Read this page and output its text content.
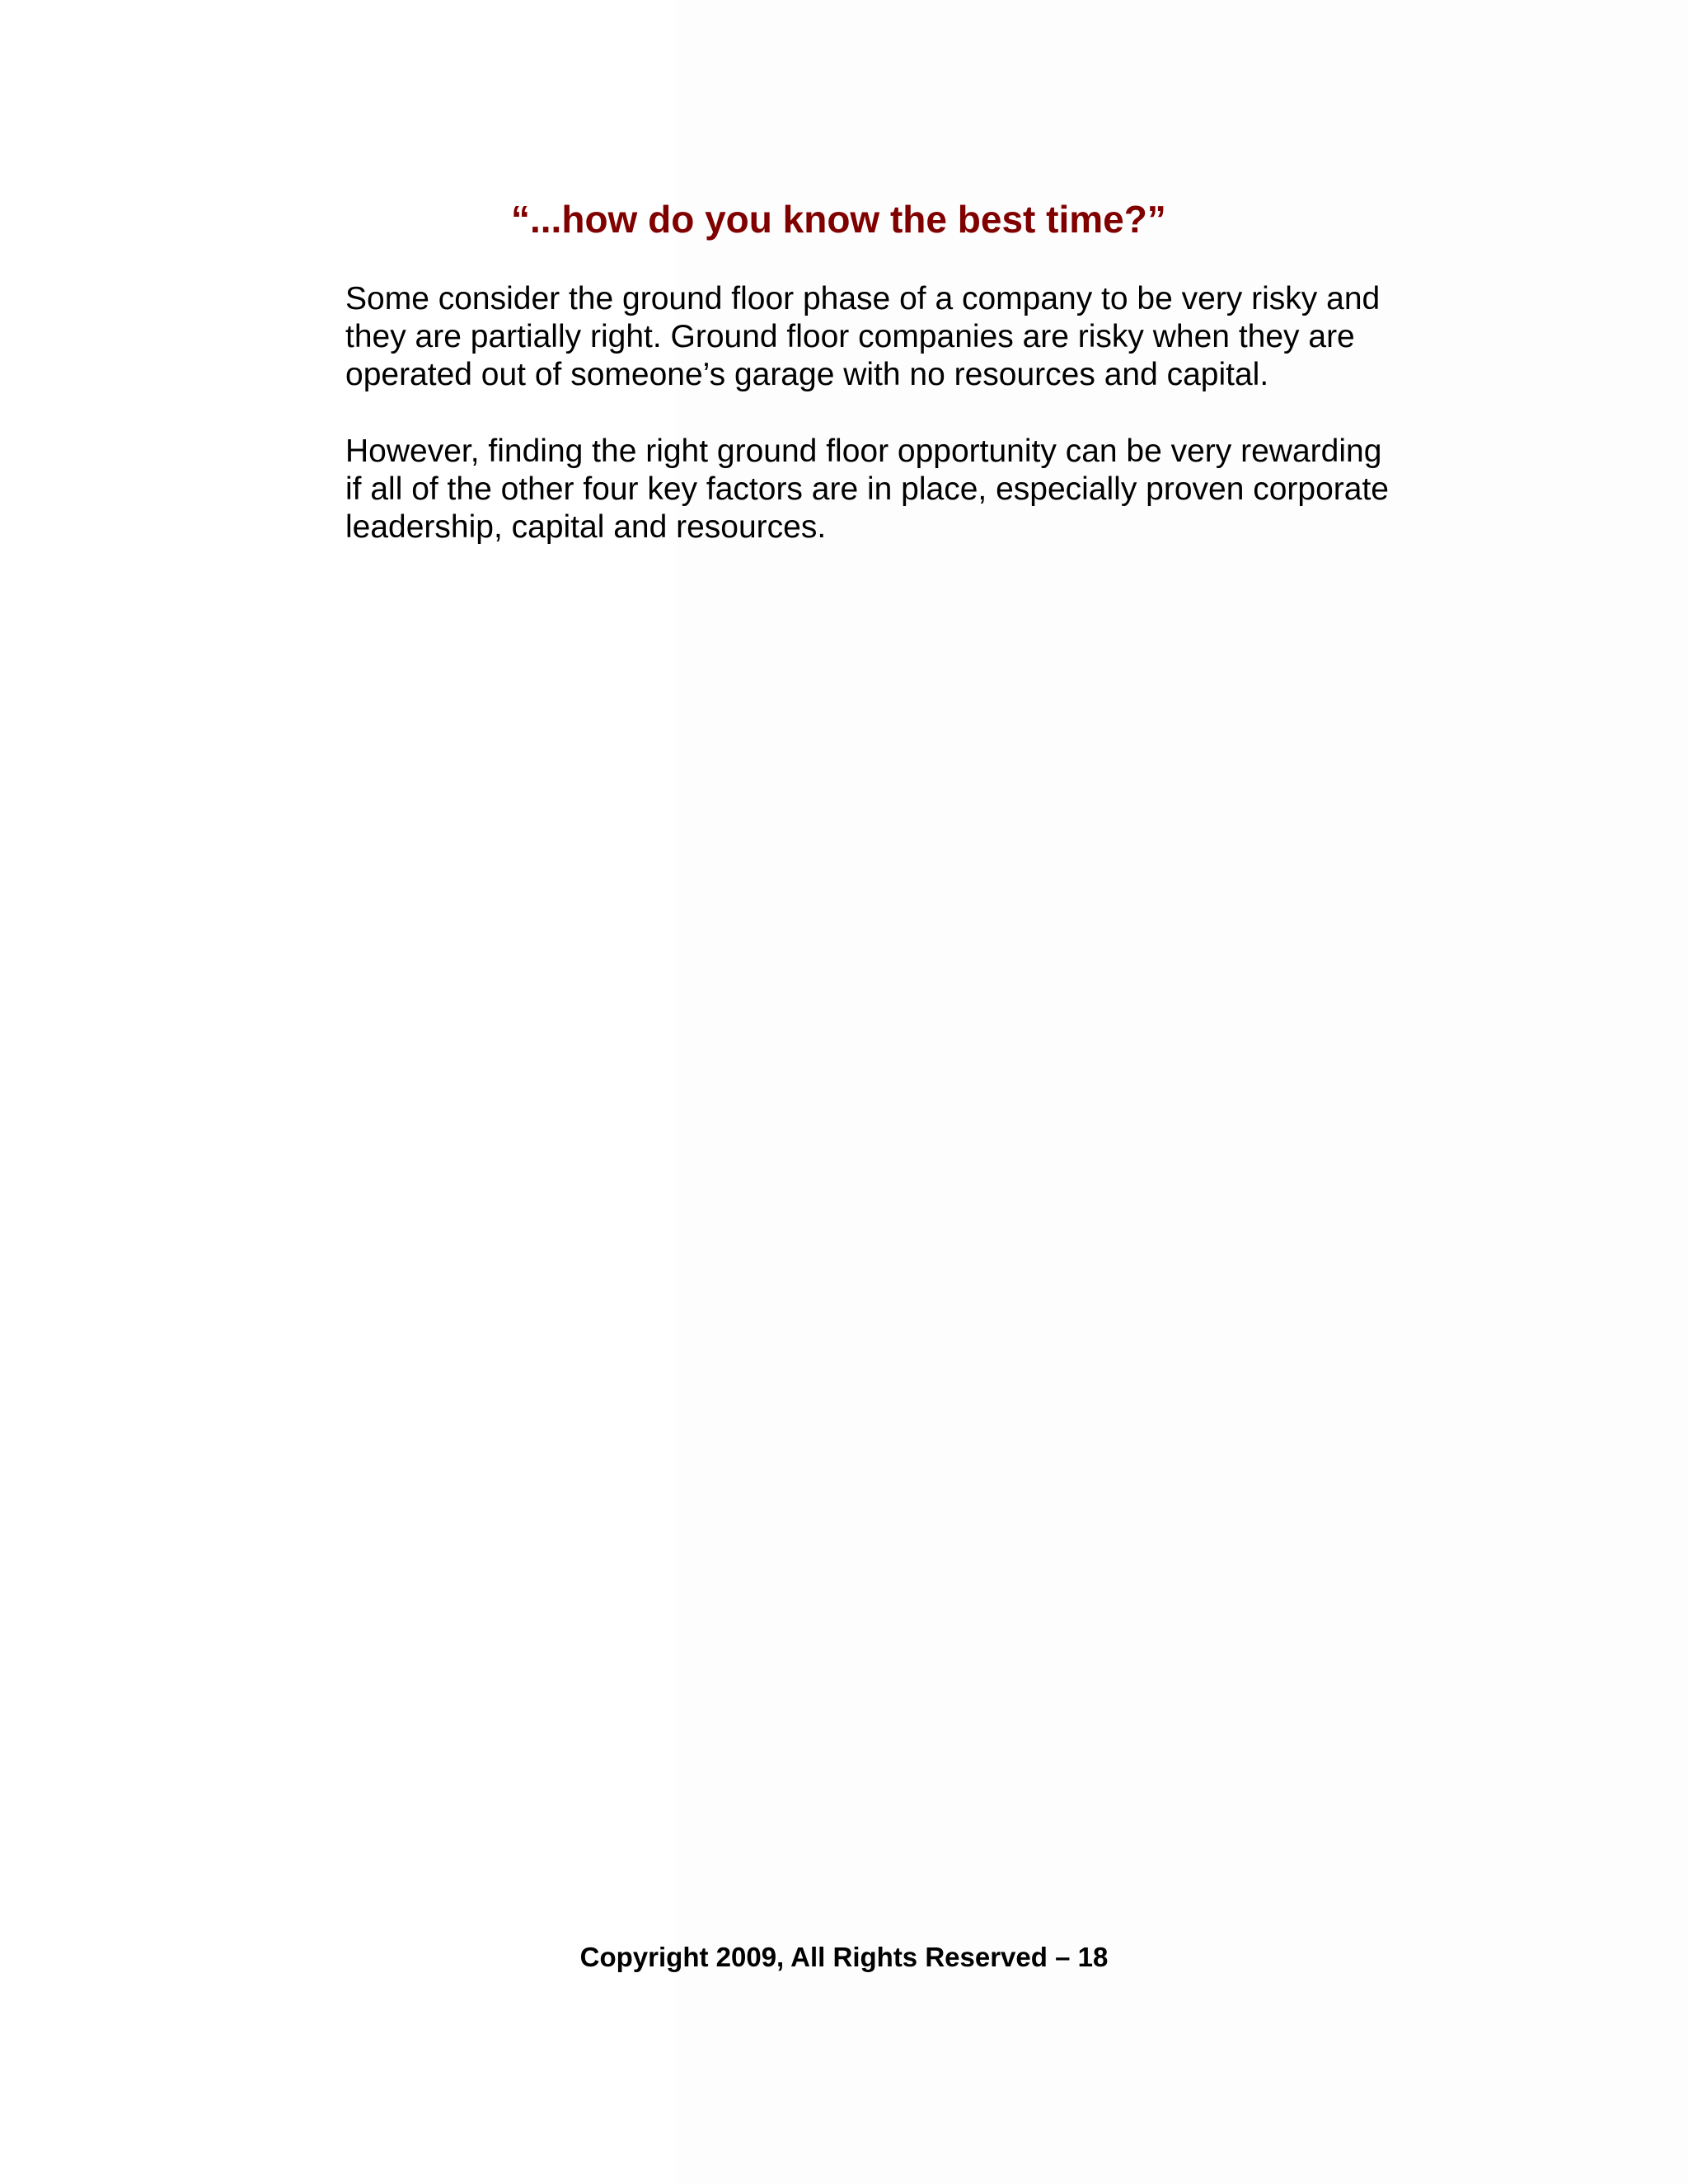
“...how do you know the best time?”

Some consider the ground floor phase of a company to be very risky and
they are partially right. Ground floor companies are risky when they are
operated out of someone’s garage with no resources and capital.

However, finding the right ground floor opportunity can be very rewarding
if all of the other four key factors are in place, especially proven corporate
leadership, capital and resources.

Copyright 2009, All Rights Reserved – 18
